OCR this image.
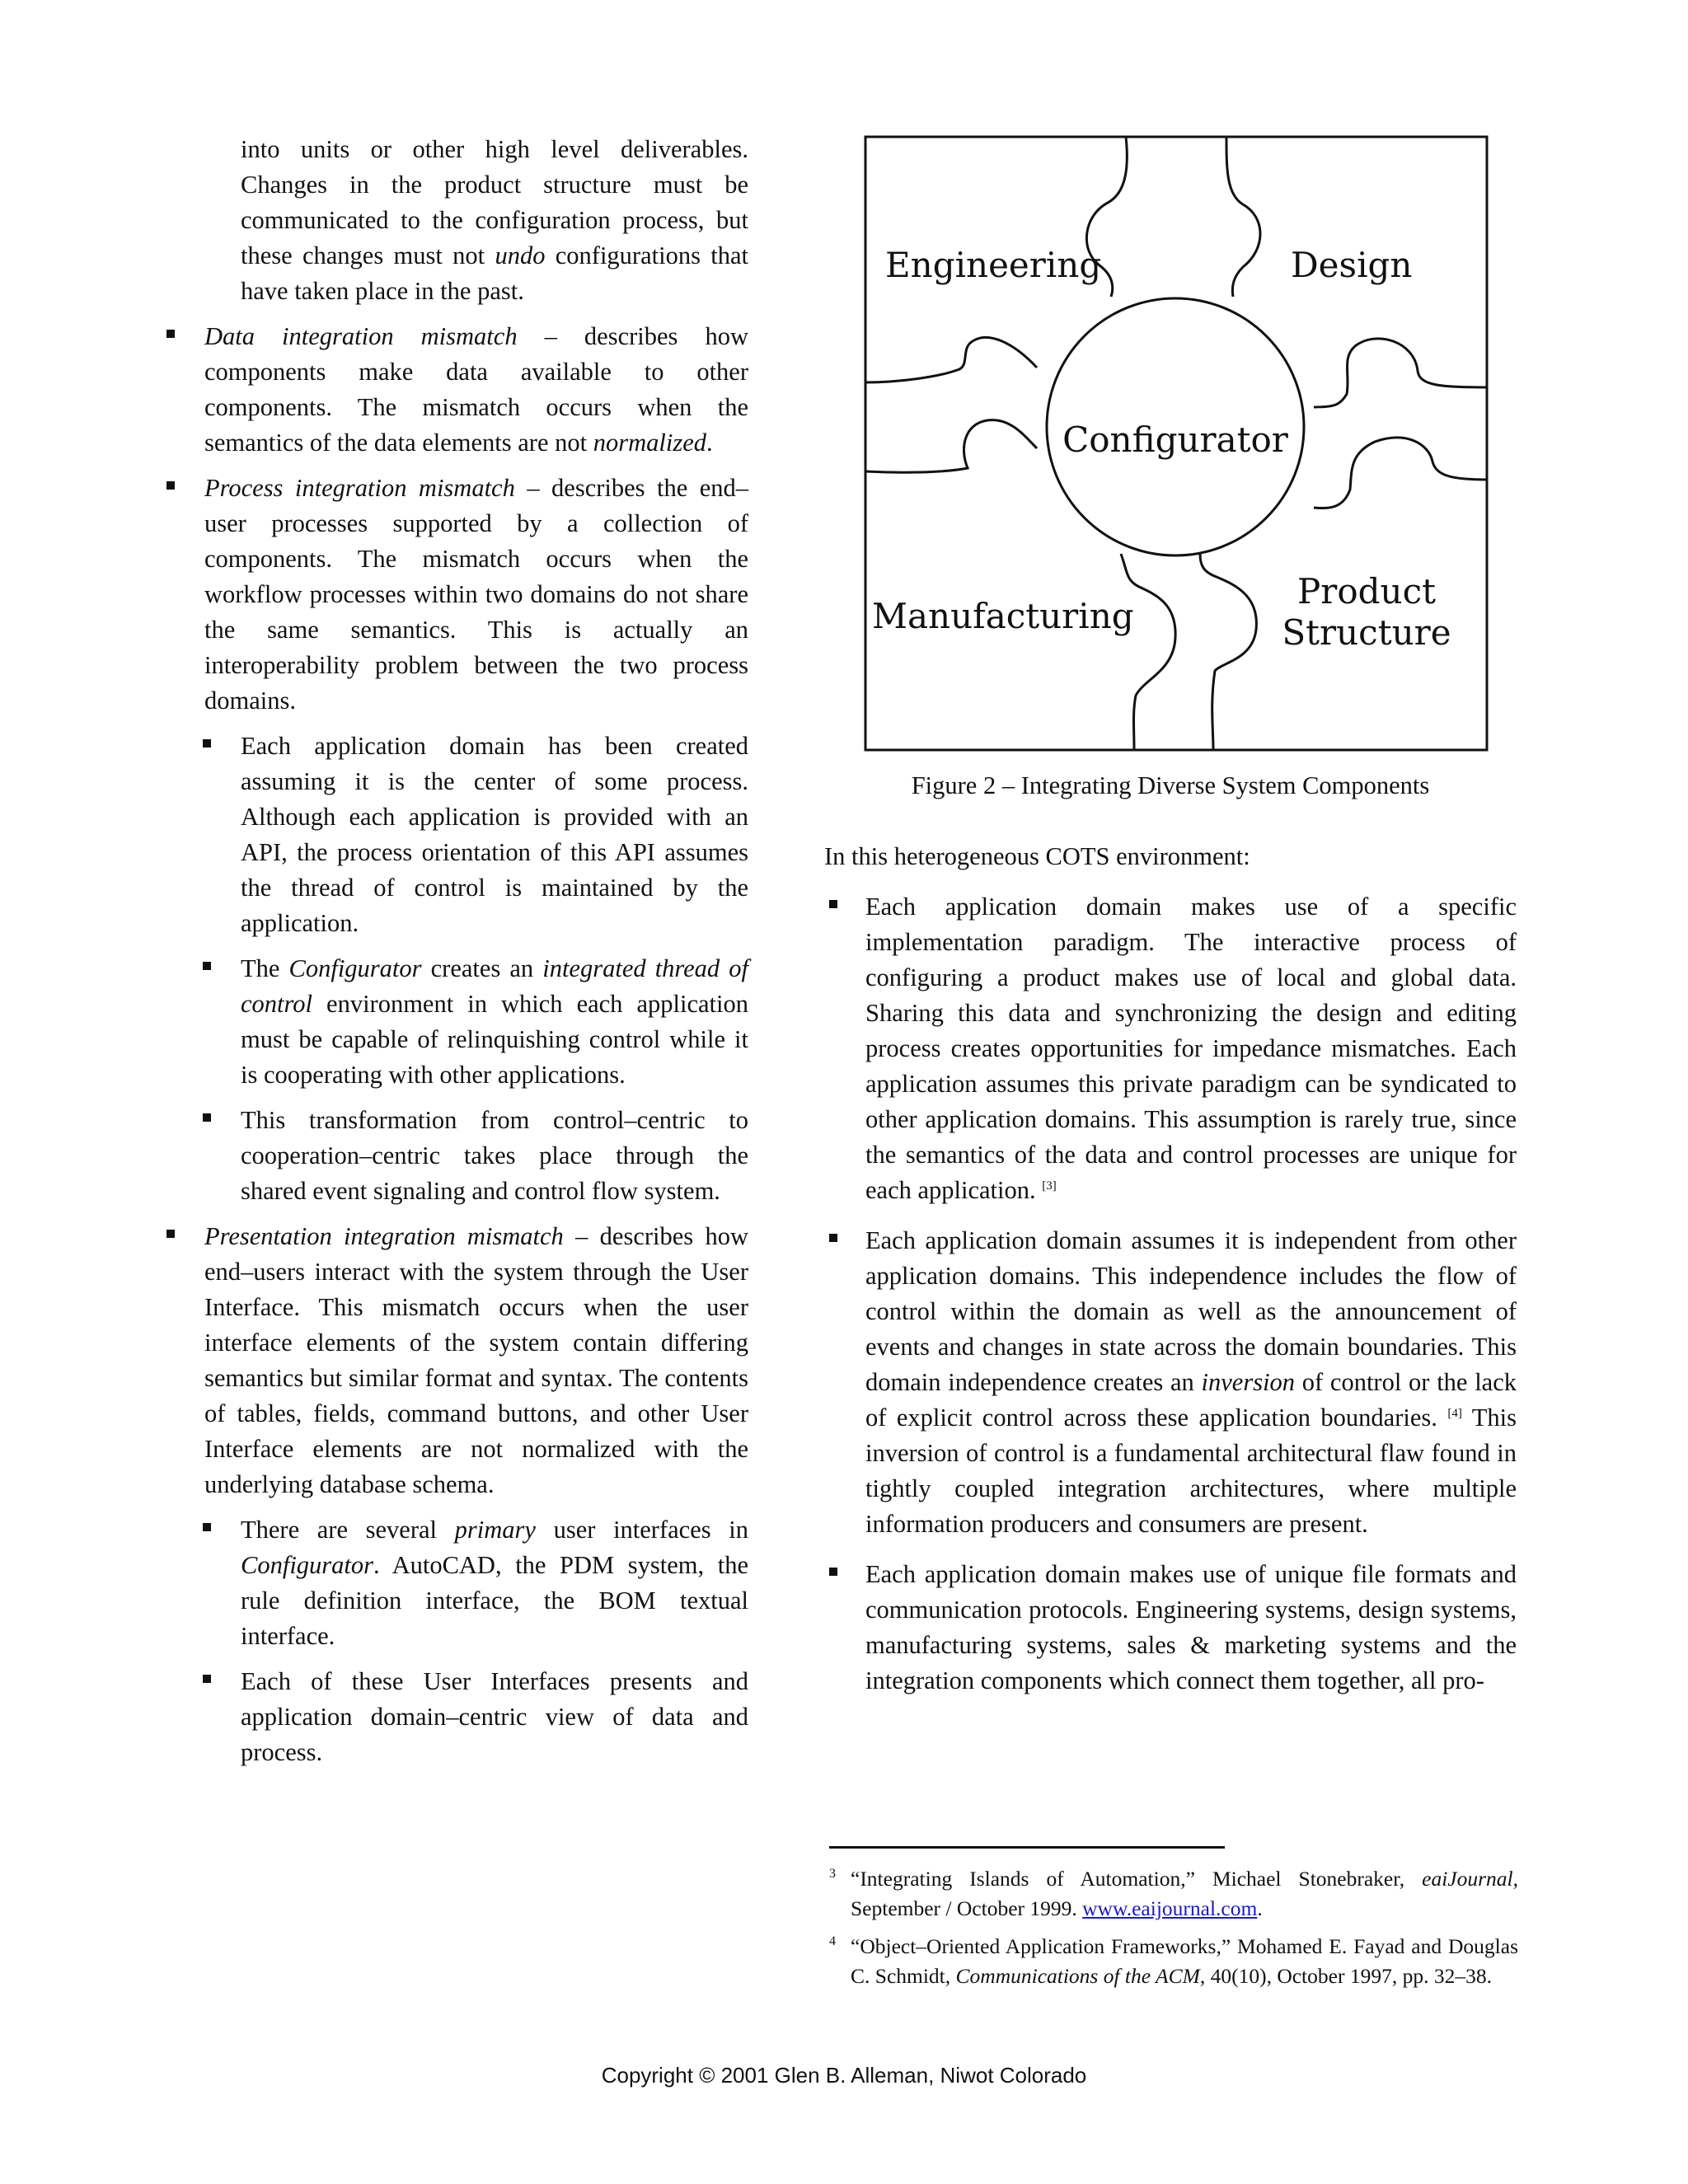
into units or other high level deliverables. Changes in the product structure must be communicated to the configuration process, but these changes must not undo configurations that have taken place in the past.

Data integration mismatch – describes how components make data available to other components. The mismatch occurs when the semantics of the data elements are not normalized.
Process integration mismatch – describes the end–user processes supported by a collection of components. The mismatch occurs when the workflow processes within two domains do not share the same semantics. This is actually an interoperability problem between the two process domains.
Each application domain has been created assuming it is the center of some process. Although each application is provided with an API, the process orientation of this API assumes the thread of control is maintained by the application.
The Configurator creates an integrated thread of control environment in which each application must be capable of relinquishing control while it is cooperating with other applications.
This transformation from control–centric to cooperation–centric takes place through the shared event signaling and control flow system.
Presentation integration mismatch – describes how end–users interact with the system through the User Interface. This mismatch occurs when the user interface elements of the system contain differing semantics but similar format and syntax. The contents of tables, fields, command buttons, and other User Interface elements are not normalized with the underlying database schema.
There are several primary user interfaces in Configurator. AutoCAD, the PDM system, the rule definition interface, the BOM textual interface.
Each of these User Interfaces presents and application domain–centric view of data and process.
Engineering	Design
Configurator
Manufacturing
Product
Structure
Figure 2 – Integrating Diverse System Components

In this heterogeneous COTS environment:

Each application domain makes use of a specific implementation paradigm. The interactive process of configuring a product makes use of local and global data. Sharing this data and synchronizing the design and editing process creates opportunities for impedance mismatches. Each application assumes this private paradigm can be syndicated to other application domains. This assumption is rarely true, since the semantics of the data and control processes are unique for each application. [3]
Each application domain assumes it is independent from other application domains. This independence includes the flow of control within the domain as well as the announcement of events and changes in state across the domain boundaries. This domain independence creates an inversion of control or the lack of explicit control across these application boundaries. [4] This inversion of control is a fundamental architectural flaw found in tightly coupled integration architectures, where multiple information producers and consumers are present.
Each application domain makes use of unique file formats and communication protocols. Engineering systems, design systems, manufacturing systems, sales & marketing systems and the integration components which connect them together, all pro-
3 “Integrating Islands of Automation,” Michael Stonebraker, eaiJournal, September / October 1999. www.eaijournal.com.
4 “Object–Oriented Application Frameworks,” Mohamed E. Fayad and Douglas C. Schmidt, Communications of the ACM, 40(10), October 1997, pp. 32–38.
Copyright © 2001 Glen B. Alleman, Niwot Colorado
